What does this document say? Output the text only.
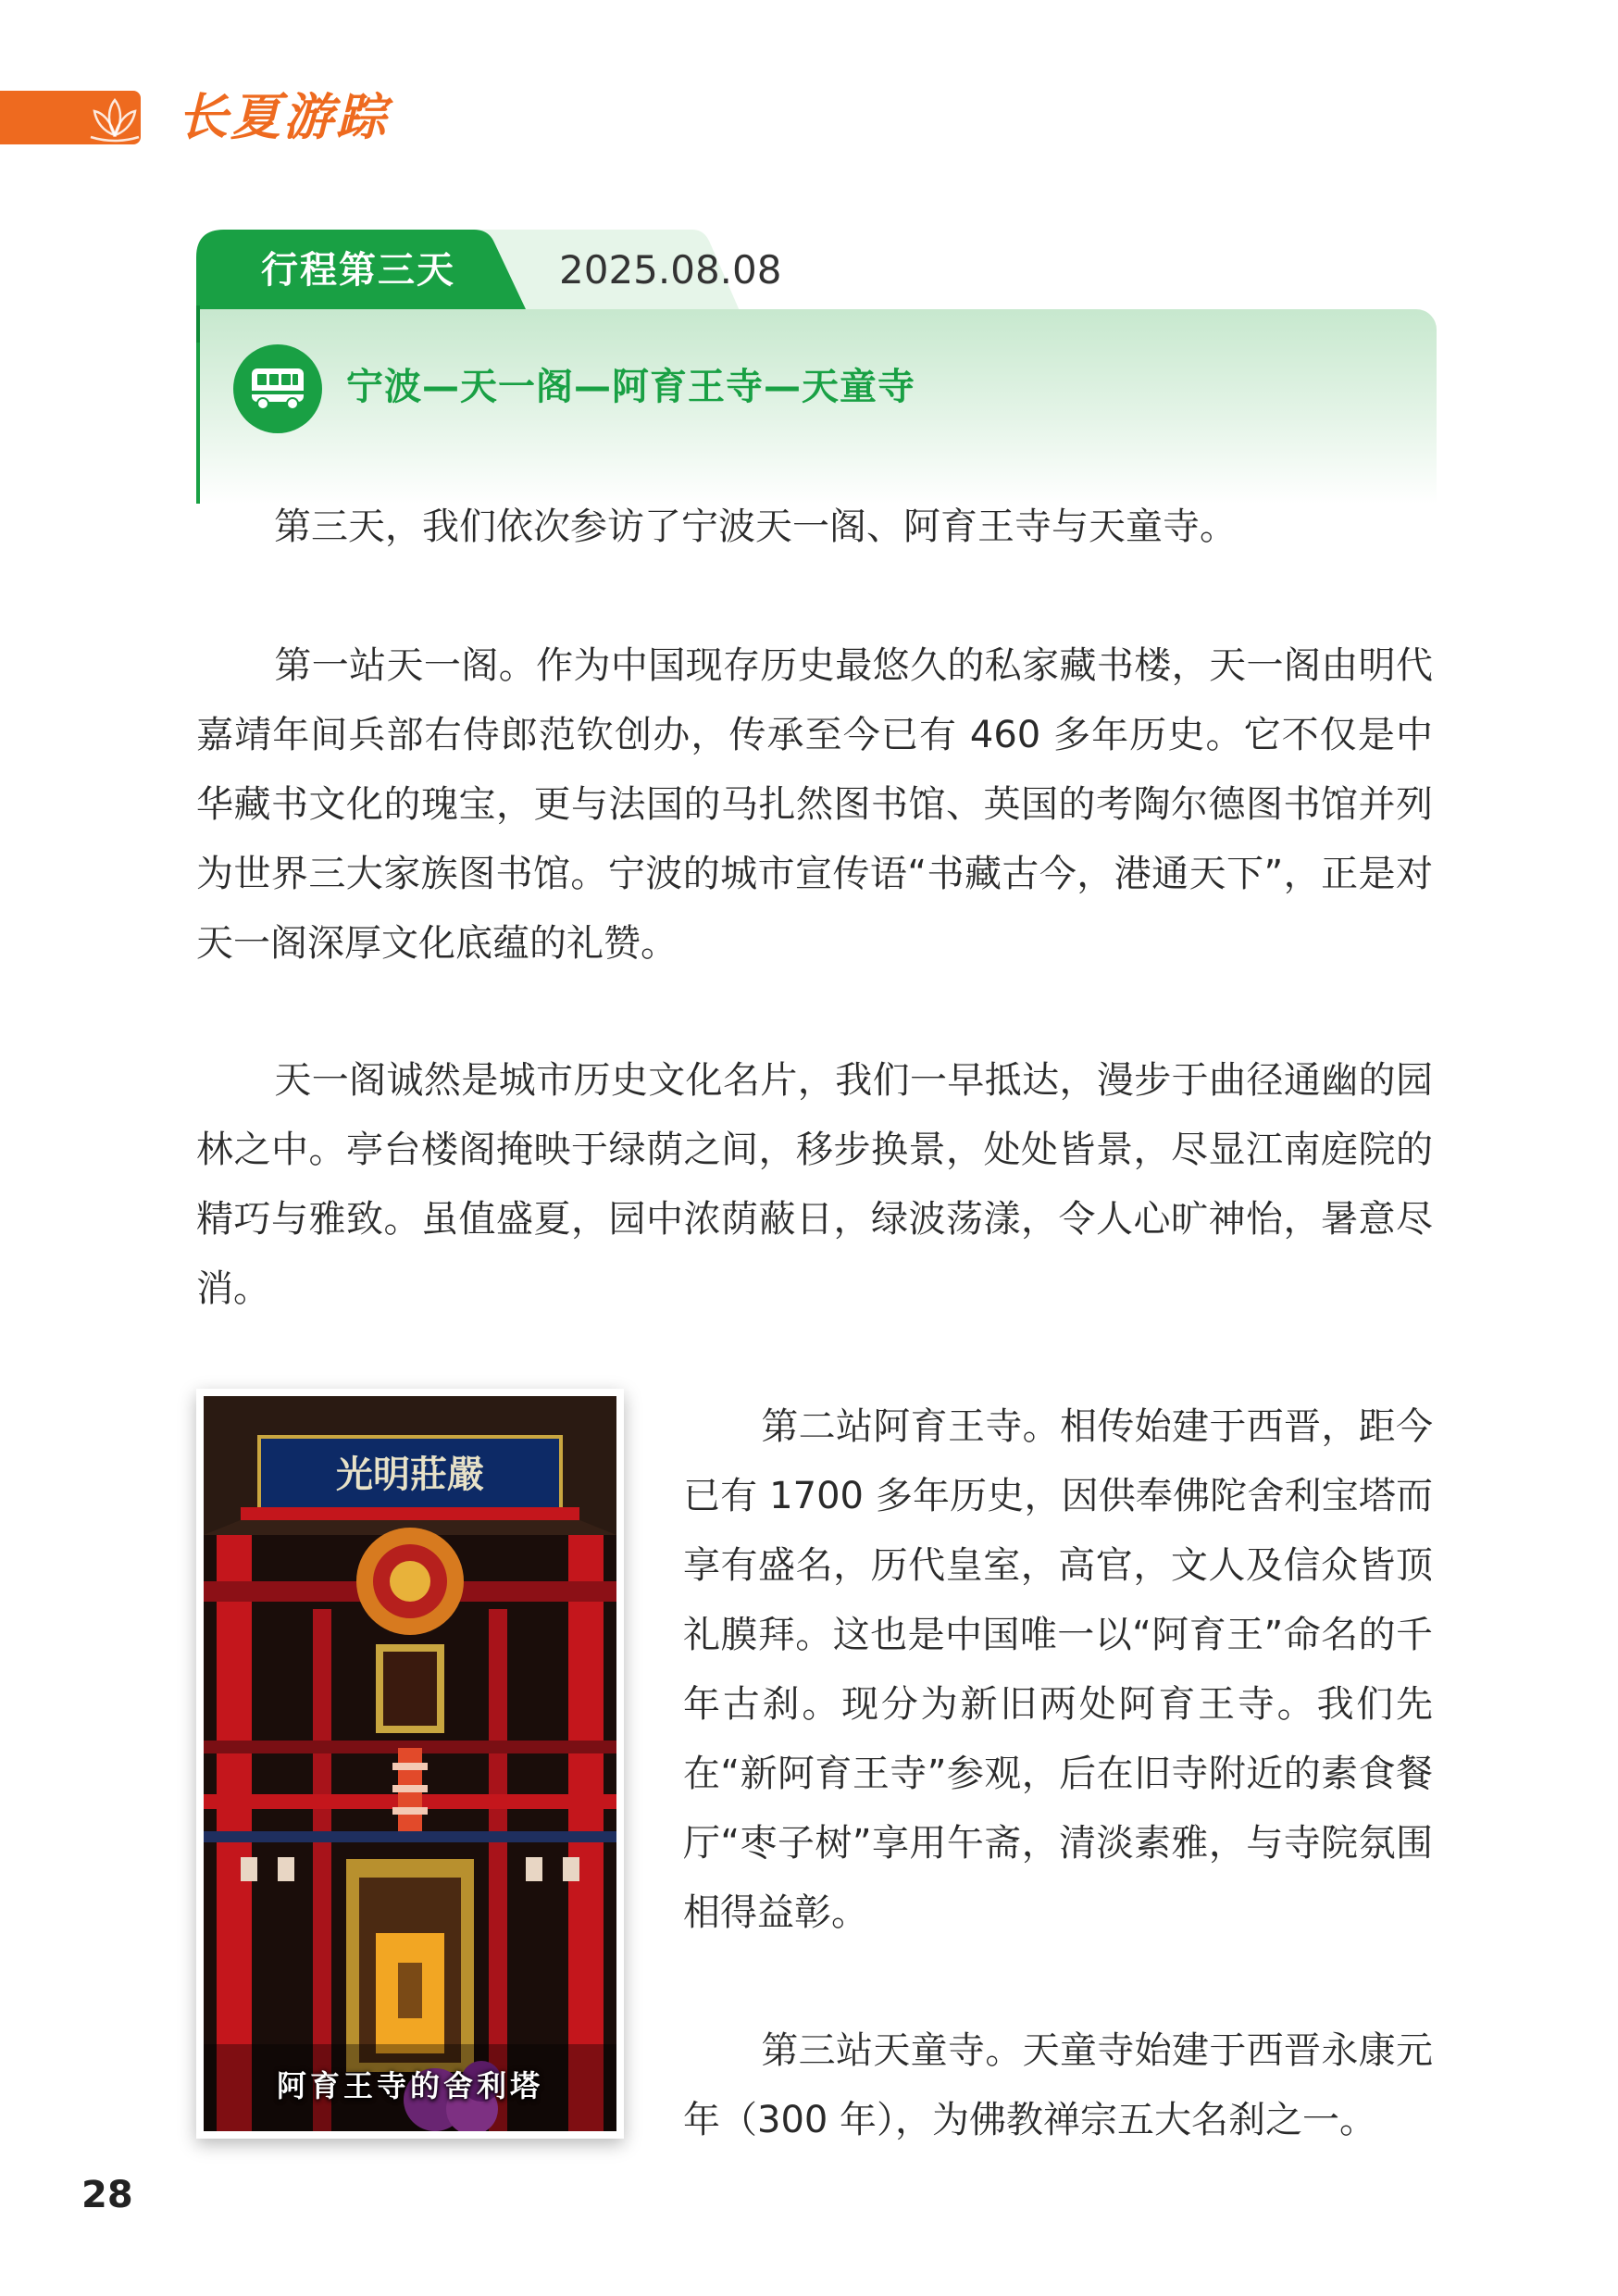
长夏游踪
行程第三天	2025.08.08
宁波—天一阁—阿育王寺—天童寺

第三天，我们依次参访了宁波天一阁、阿育王寺与天童寺。

第一站天一阁。作为中国现存历史最悠久的私家藏书楼，天一阁由明代嘉靖年间兵部右侍郎范钦创办，传承至今已有 460 多年历史。它不仅是中华藏书文化的瑰宝，更与法国的马扎然图书馆、英国的考陶尔德图书馆并列为世界三大家族图书馆。宁波的城市宣传语“书藏古今，港通天下”，正是对天一阁深厚文化底蕴的礼赞。

天一阁诚然是城市历史文化名片，我们一早抵达，漫步于曲径通幽的园林之中。亭台楼阁掩映于绿荫之间，移步换景，处处皆景，尽显江南庭院的精巧与雅致。虽值盛夏，园中浓荫蔽日，绿波荡漾，令人心旷神怡，暑意尽消。

第二站阿育王寺。相传始建于西晋，距今已有 1700 多年历史，因供奉佛陀舍利宝塔而享有盛名，历代皇室，高官，文人及信众皆顶礼膜拜。这也是中国唯一以“阿育王”命名的千年古刹。现分为新旧两处阿育王寺。我们先在“新阿育王寺”参观，后在旧寺附近的素食餐厅“枣子树”享用午斋，清淡素雅，与寺院氛围相得益彰。

第三站天童寺。天童寺始建于西晋永康元年（300 年），为佛教禅宗五大名刹之一。

光明莊嚴
阿育王寺的舍利塔
28
